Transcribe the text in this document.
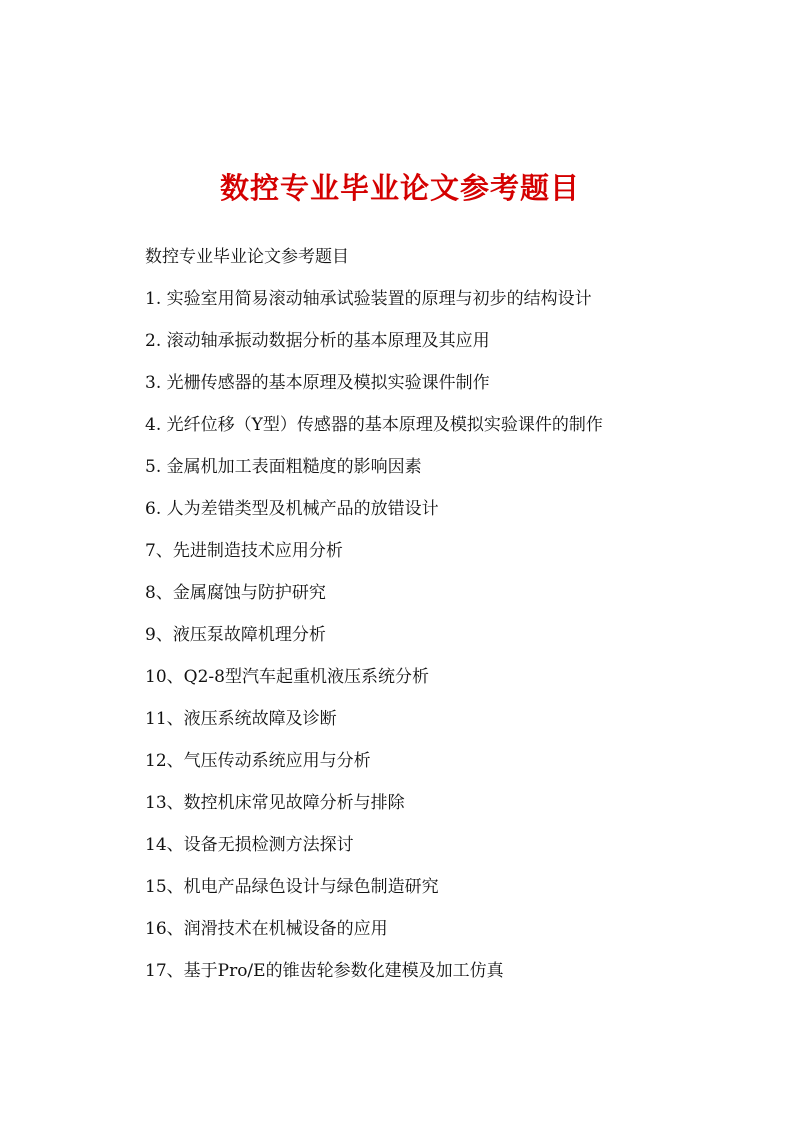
数控专业毕业论文参考题目
数控专业毕业论文参考题目
1. 实验室用简易滚动轴承试验装置的原理与初步的结构设计
2. 滚动轴承振动数据分析的基本原理及其应用
3. 光栅传感器的基本原理及模拟实验课件制作
4. 光纤位移（Y型）传感器的基本原理及模拟实验课件的制作
5. 金属机加工表面粗糙度的影响因素
6. 人为差错类型及机械产品的放错设计
7、先进制造技术应用分析
8、金属腐蚀与防护研究
9、液压泵故障机理分析
10、Q2-8型汽车起重机液压系统分析
11、液压系统故障及诊断
12、气压传动系统应用与分析
13、数控机床常见故障分析与排除
14、设备无损检测方法探讨
15、机电产品绿色设计与绿色制造研究
16、润滑技术在机械设备的应用
17、基于Pro/E的锥齿轮参数化建模及加工仿真
